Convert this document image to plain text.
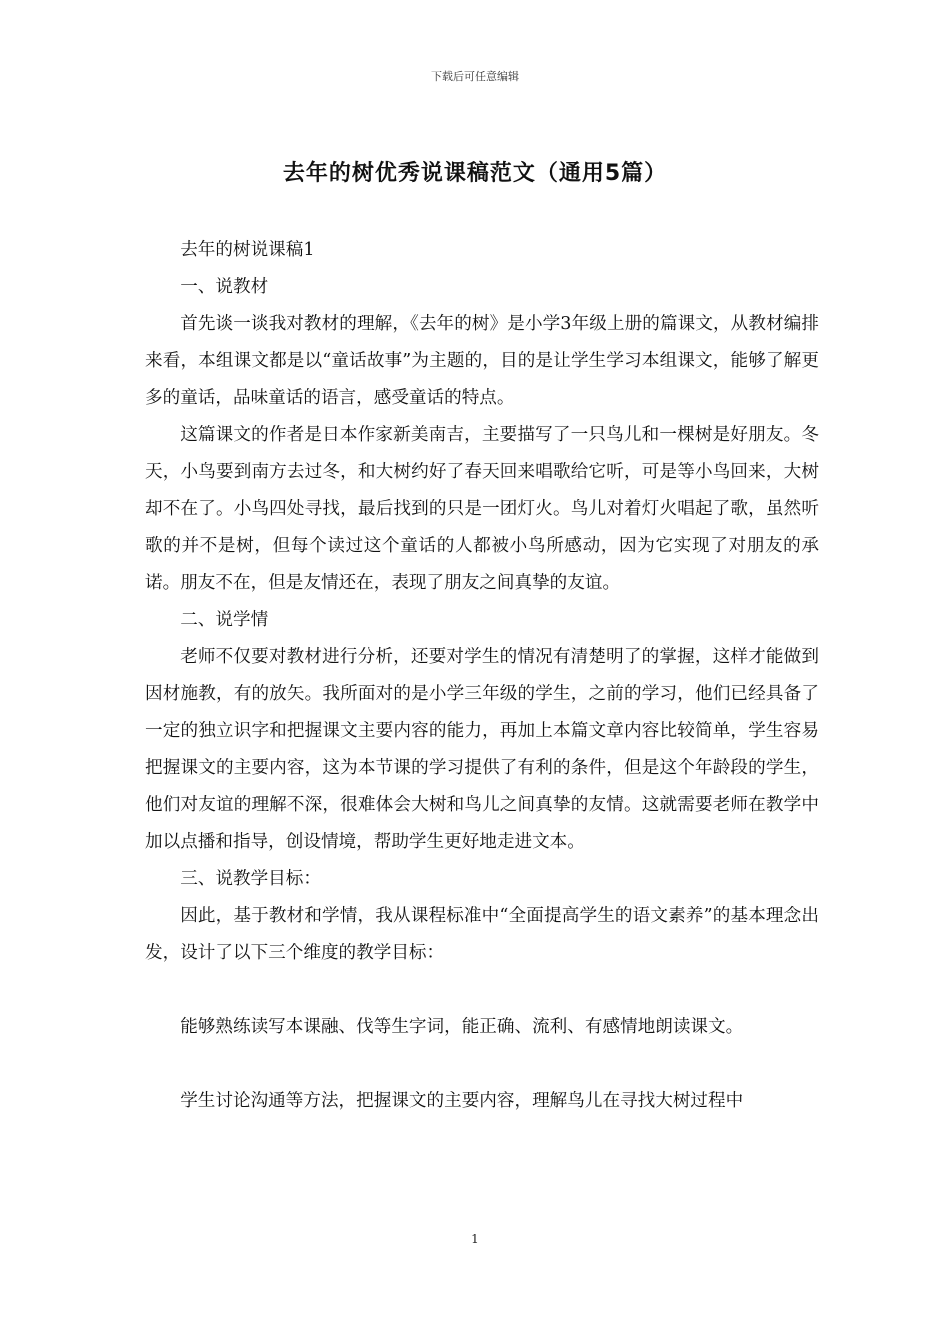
下载后可任意编辑
去年的树优秀说课稿范文（通用5篇）

去年的树说课稿1

一、说教材

首先谈一谈我对教材的理解，《去年的树》是小学3年级上册的篇课文，从教材编排来看，本组课文都是以“童话故事”为主题的，目的是让学生学习本组课文，能够了解更多的童话，品味童话的语言，感受童话的特点。

这篇课文的作者是日本作家新美南吉，主要描写了一只鸟儿和一棵树是好朋友。冬天，小鸟要到南方去过冬，和大树约好了春天回来唱歌给它听，可是等小鸟回来，大树却不在了。小鸟四处寻找，最后找到的只是一团灯火。鸟儿对着灯火唱起了歌，虽然听歌的并不是树，但每个读过这个童话的人都被小鸟所感动，因为它实现了对朋友的承诺。朋友不在，但是友情还在，表现了朋友之间真挚的友谊。

二、说学情

老师不仅要对教材进行分析，还要对学生的情况有清楚明了的掌握，这样才能做到因材施教，有的放矢。我所面对的是小学三年级的学生，之前的学习，他们已经具备了一定的独立识字和把握课文主要内容的能力，再加上本篇文章内容比较简单，学生容易把握课文的主要内容，这为本节课的学习提供了有利的条件，但是这个年龄段的学生，他们对友谊的理解不深，很难体会大树和鸟儿之间真挚的友情。这就需要老师在教学中加以点播和指导，创设情境，帮助学生更好地走进文本。

三、说教学目标：

因此，基于教材和学情，我从课程标准中“全面提高学生的语文素养”的基本理念出发，设计了以下三个维度的教学目标：

能够熟练读写本课融、伐等生字词，能正确、流利、有感情地朗读课文。

学生讨论沟通等方法，把握课文的主要内容，理解鸟儿在寻找大树过程中

1
